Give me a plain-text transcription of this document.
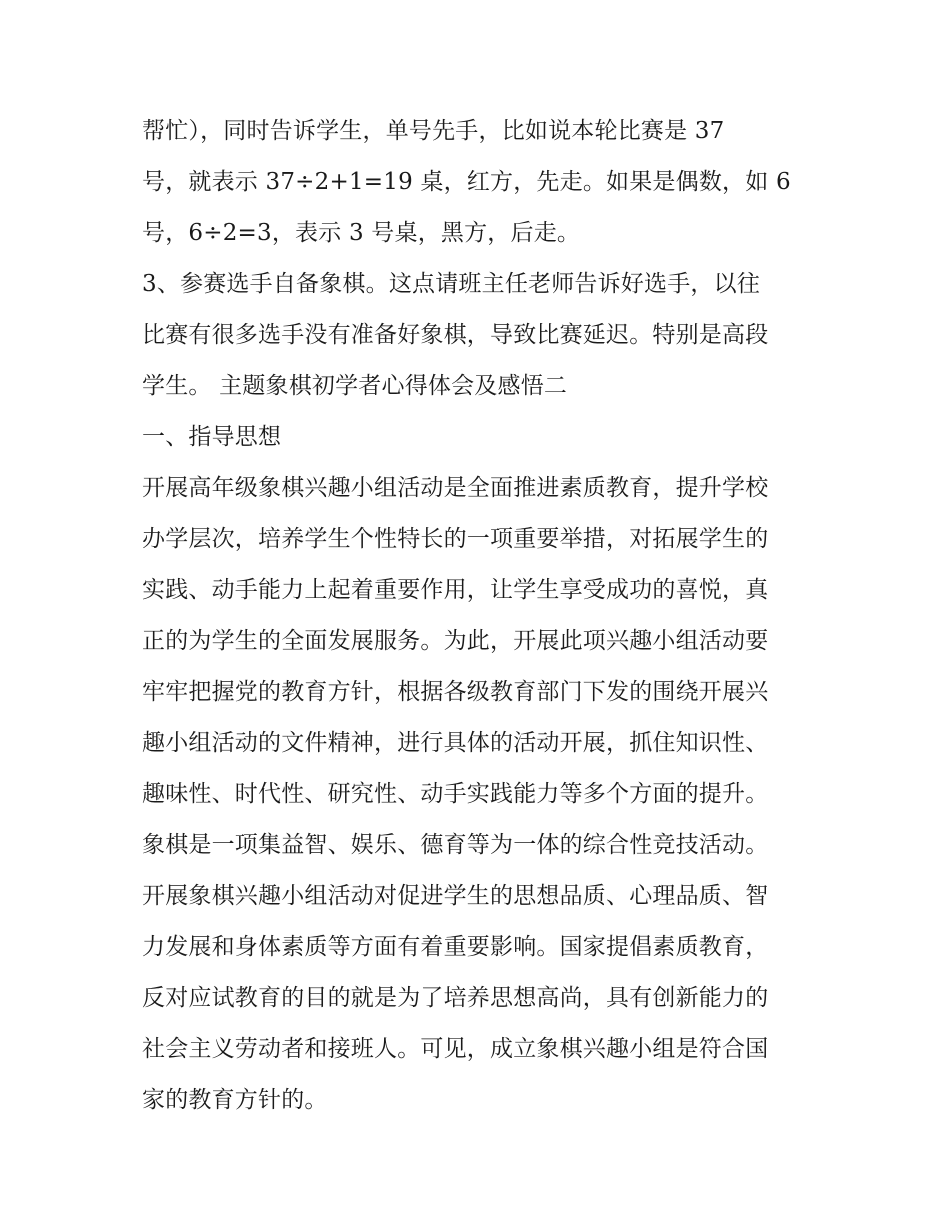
帮忙），同时告诉学生，单号先手，比如说本轮比赛是 37
号，就表示 37÷2+1=19 桌，红方，先走。如果是偶数，如 6
号，6÷2=3，表示 3 号桌，黑方，后走。
3、参赛选手自备象棋。这点请班主任老师告诉好选手，以往
比赛有很多选手没有准备好象棋，导致比赛延迟。特别是高段
学生。 主题象棋初学者心得体会及感悟二
一、指导思想
开展高年级象棋兴趣小组活动是全面推进素质教育，提升学校
办学层次，培养学生个性特长的一项重要举措，对拓展学生的
实践、动手能力上起着重要作用，让学生享受成功的喜悦，真
正的为学生的全面发展服务。为此，开展此项兴趣小组活动要
牢牢把握党的教育方针，根据各级教育部门下发的围绕开展兴
趣小组活动的文件精神，进行具体的活动开展，抓住知识性、
趣味性、时代性、研究性、动手实践能力等多个方面的提升。
象棋是一项集益智、娱乐、德育等为一体的综合性竞技活动。
开展象棋兴趣小组活动对促进学生的思想品质、心理品质、智
力发展和身体素质等方面有着重要影响。国家提倡素质教育，
反对应试教育的目的就是为了培养思想高尚，具有创新能力的
社会主义劳动者和接班人。可见，成立象棋兴趣小组是符合国
家的教育方针的。
